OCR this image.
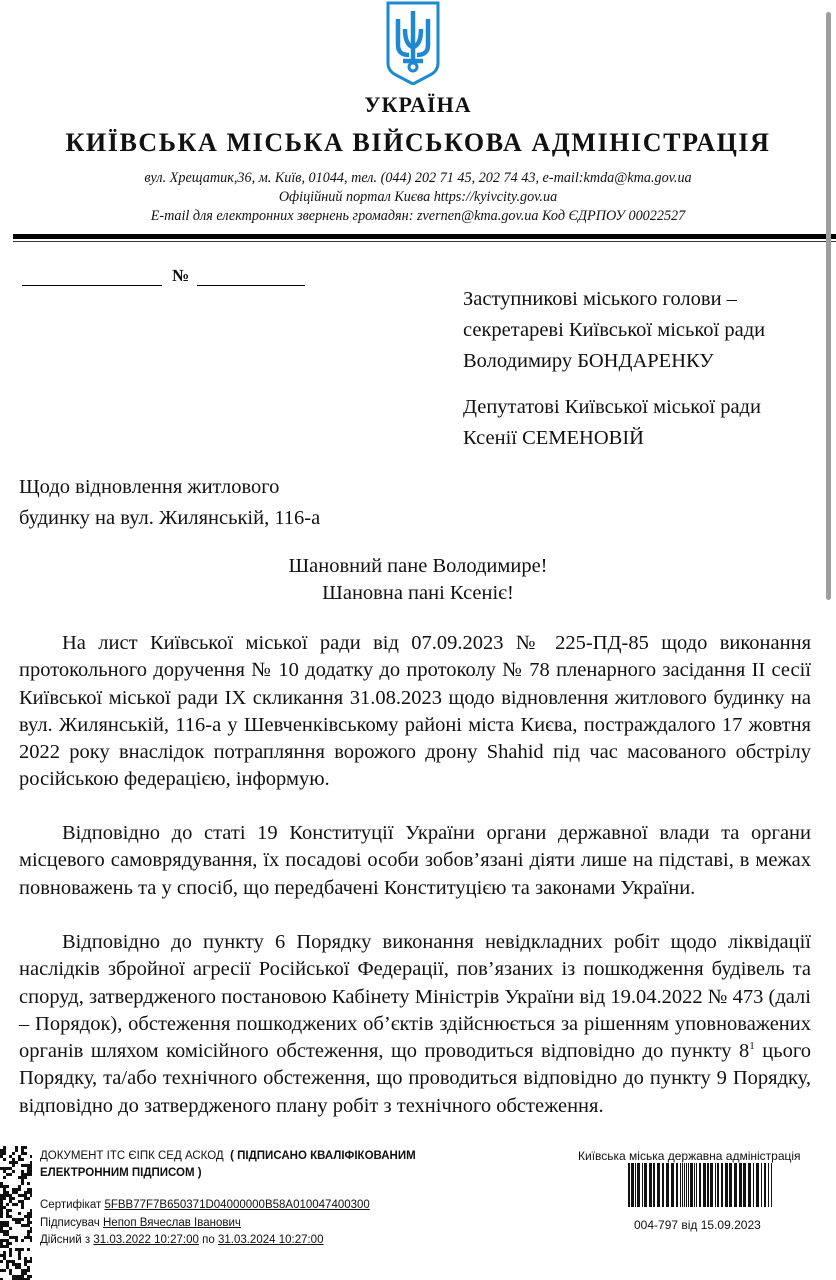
УКРАЇНА
КИЇВСЬКА МІСЬКА ВІЙСЬКОВА АДМІНІСТРАЦІЯ
вул. Хрещатик,36, м. Київ, 01044, тел. (044) 202 71 45, 202 74 43, e-mail:kmda@kma.gov.ua
Офіційний портал Києва https://kyivcity.gov.ua
E-mail для електронних звернень громадян: zvernen@kma.gov.ua Код ЄДРПОУ 00022527
№
Заступникові міського голови –
секретареві Київської міської ради
Володимиру БОНДАРЕНКУ
Депутатові Київської міської ради
Ксенії СЕМЕНОВІЙ
Щодо відновлення житлового
будинку на вул. Жилянській, 116-а
Шановний пане Володимире!
Шановна пані Ксеніє!
На лист Київської міської ради від 07.09.2023 № 225-ПД-85 щодо виконання протокольного доручення № 10 додатку до протоколу № 78 пленарного засідання ІІ сесії Київської міської ради ІХ скликання 31.08.2023 щодо відновлення житлового будинку на вул. Жилянській, 116-а у Шевченківському районі міста Києва, постраждалого 17 жовтня 2022 року внаслідок потрапляння ворожого дрону Shahid під час масованого обстрілу російською федерацією, інформую.
Відповідно до статі 19 Конституції України органи державної влади та органи місцевого самоврядування, їх посадові особи зобов’язані діяти лише на підставі, в межах повноважень та у спосіб, що передбачені Конституцією та законами України.
Відповідно до пункту 6 Порядку виконання невідкладних робіт щодо ліквідації наслідків збройної агресії Російської Федерації, пов’язаних із пошкодження будівель та споруд, затвердженого постановою Кабінету Міністрів України від 19.04.2022 № 473 (далі – Порядок), обстеження пошкоджених об’єктів здійснюється за рішенням уповноважених органів шляхом комісійного обстеження, що проводиться відповідно до пункту $8^1$ цього Порядку, та/або технічного обстеження, що проводиться відповідно до пункту 9 Порядку, відповідно до затвердженого плану робіт з технічного обстеження.
ДОКУМЕНТ ІТС ЄІПК СЕД АСКОД ( ПІДПИСАНО КВАЛІФІКОВАНИМ ЕЛЕКТРОННИМ ПІДПИСОМ )
Сертифікат 5FBB77F7B650371D04000000B58A010047400300
Підписувач Непоп Вячеслав Іванович
Дійсний з 31.03.2022 10:27:00 по 31.03.2024 10:27:00
Київська міська державна адміністрація
004-797 від 15.09.2023
